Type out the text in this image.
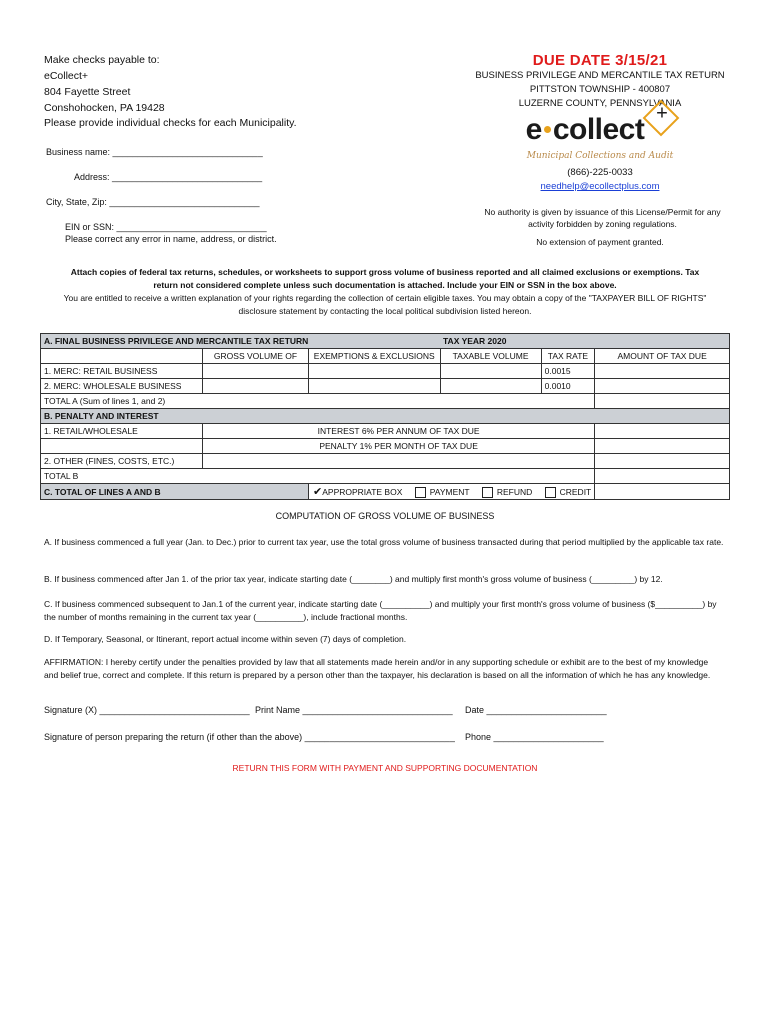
Make checks payable to:
eCollect+
804 Fayette Street
Conshohocken, PA 19428
Please provide individual checks for each Municipality.
DUE DATE 3/15/21
BUSINESS PRIVILEGE AND MERCANTILE TAX RETURN
PITTSTON TOWNSHIP - 400807
LUZERNE COUNTY, PENNSYLVANIA
e collect +
Municipal Collections and Audit
(866)-225-0033
needhelp@ecollectplus.com
No authority is given by issuance of this License/Permit for any activity forbidden by zoning regulations.
No extension of payment granted.
Business name: ______________________________
Address: ______________________________
City, State, Zip: ______________________________
EIN or SSN: ______________________________
Please correct any error in name, address, or district.
Attach copies of federal tax returns, schedules, or worksheets to support gross volume of business reported and all claimed exclusions or exemptions. Tax return not considered complete unless such documentation is attached. Include your EIN or SSN in the box above.
You are entitled to receive a written explanation of your rights regarding the collection of certain eligible taxes. You may obtain a copy of the "TAXPAYER BILL OF RIGHTS" disclosure statement by contacting the local political subdivision listed hereon.
A. FINAL BUSINESS PRIVILEGE AND MERCANTILE TAX RETURN			TAX YEAR 2020		
	GROSS VOLUME OF	EXEMPTIONS & EXCLUSIONS	TAXABLE VOLUME	TAX RATE	AMOUNT OF TAX DUE
1. MERC: RETAIL BUSINESS				0.0015	
2. MERC: WHOLESALE BUSINESS				0.0010	
TOTAL A (Sum of lines 1, and 2)					
B. PENALTY AND INTEREST					
1. RETAIL/WHOLESALE	INTEREST 6% PER ANNUM OF TAX DUE				
	PENALTY 1% PER MONTH OF TAX DUE				
2. OTHER (FINES, COSTS, ETC.)					
TOTAL B					
C. TOTAL OF LINES A AND B		✔APPROPRIATE BOX PAYMENT REFUND CREDIT			
COMPUTATION OF GROSS VOLUME OF BUSINESS
A. If business commenced a full year (Jan. to Dec.) prior to current tax year, use the total gross volume of business transacted during that period multiplied by the applicable tax rate.
B. If business commenced after Jan 1. of the prior tax year, indicate starting date (________) and multiply first month's gross volume of business (_________) by 12.
C. If business commenced subsequent to Jan.1 of the current year, indicate starting date (__________) and multiply your first month's gross volume of business ($__________) by the number of months remaining in the current tax year (__________), include fractional months.
D. If Temporary, Seasonal, or Itinerant, report actual income within seven (7) days of completion.
AFFIRMATION: I hereby certify under the penalties provided by law that all statements made herein and/or in any supporting schedule or exhibit are to the best of my knowledge and belief true, correct and complete. If this return is prepared by a person other than the taxpayer, his declaration is based on all the information of which he has any knowledge.
Signature (X) ______________________________ Print Name ______________________________ Date ________________________
Signature of person preparing the return (if other than the above) ______________________________ Phone ______________________
RETURN THIS FORM WITH PAYMENT AND SUPPORTING DOCUMENTATION
